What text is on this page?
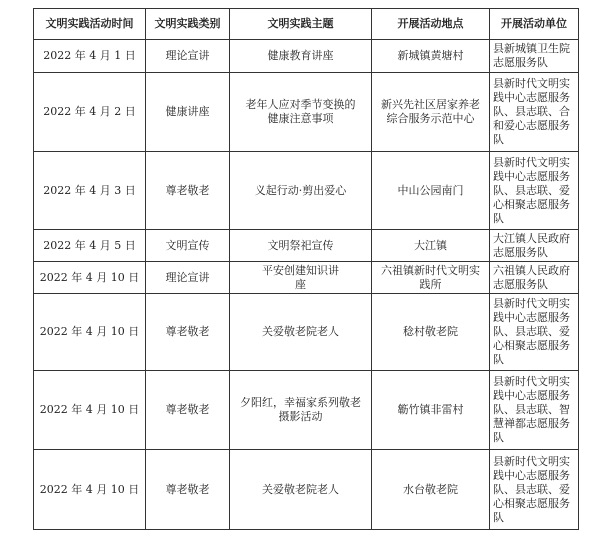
文明实践活动时间	文明实践类别	文明实践主题	开展活动地点	开展活动单位
2022 年 4 月 1 日	理论宣讲	健康教育讲座	新城镇黄塘村	县新城镇卫生院志愿服务队
2022 年 4 月 2 日	健康讲座	老年人应对季节变换的健康注意事项	新兴先社区居家养老综合服务示范中心	县新时代文明实践中心志愿服务队、县志联、合和爱心志愿服务队
2022 年 4 月 3 日	尊老敬老	义起行动·剪出爱心	中山公园南门	县新时代文明实践中心志愿服务队、县志联、爱心相聚志愿服务队
2022 年 4 月 5 日	文明宣传	文明祭祀宣传	大江镇	大江镇人民政府志愿服务队
2022 年 4 月 10 日	理论宣讲	平安创建知识讲座	六祖镇新时代文明实践所	六祖镇人民政府志愿服务队
2022 年 4 月 10 日	尊老敬老	关爱敬老院老人	稔村敬老院	县新时代文明实践中心志愿服务队、县志联、爱心相聚志愿服务队
2022 年 4 月 10 日	尊老敬老	夕阳红，幸福家系列敬老摄影活动	簕竹镇非雷村	县新时代文明实践中心志愿服务队、县志联、智慧禅都志愿服务队
2022 年 4 月 10 日	尊老敬老	关爱敬老院老人	水台敬老院	县新时代文明实践中心志愿服务队、县志联、爱心相聚志愿服务队
